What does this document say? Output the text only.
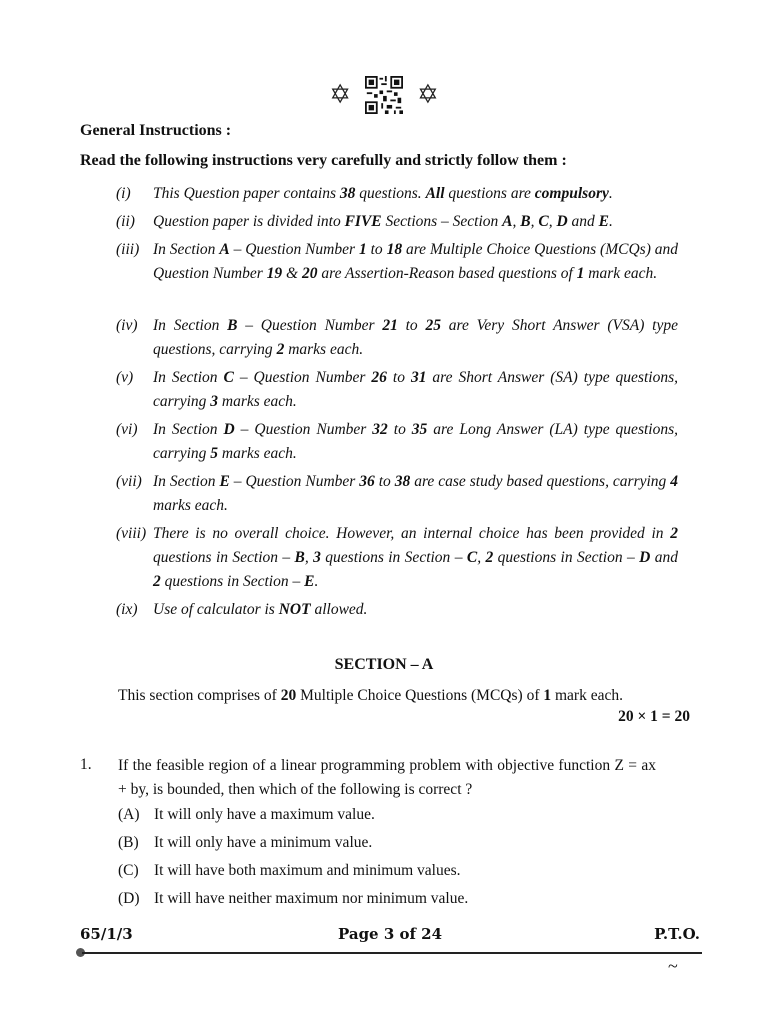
✡	✡
General Instructions :
Read the following instructions very carefully and strictly follow them :
(i)	This Question paper contains 38 questions. All questions are compulsory.
(ii)	Question paper is divided into FIVE Sections – Section A, B, C, D and E.
(iii) In Section A – Question Number 1 to 18 are Multiple Choice Questions (MCQs) and Question Number 19 & 20 are Assertion-Reason based questions of 1 mark each.
(iv) In Section B – Question Number 21 to 25 are Very Short Answer (VSA) type questions, carrying 2 marks each.
(v)	In Section C – Question Number 26 to 31 are Short Answer (SA) type questions, carrying 3 marks each.
(vi) In Section D – Question Number 32 to 35 are Long Answer (LA) type questions, carrying 5 marks each.
(vii) In Section E – Question Number 36 to 38 are case study based questions, carrying 4 marks each.
(viii) There is no overall choice. However, an internal choice has been provided in 2 questions in Section – B, 3 questions in Section – C, 2 questions in Section – D and 2 questions in Section – E.
(ix) Use of calculator is NOT allowed.
SECTION – A
This section comprises of 20 Multiple Choice Questions (MCQs) of 1 mark each.
20 × 1 = 20
1. If the feasible region of a linear programming problem with objective function Z = ax + by, is bounded, then which of the following is correct ?
(A) It will only have a maximum value.
(B) It will only have a minimum value.
(C) It will have both maximum and minimum values.
(D) It will have neither maximum nor minimum value.
65/1/3	Page 3 of 24	P.T.O.
~
